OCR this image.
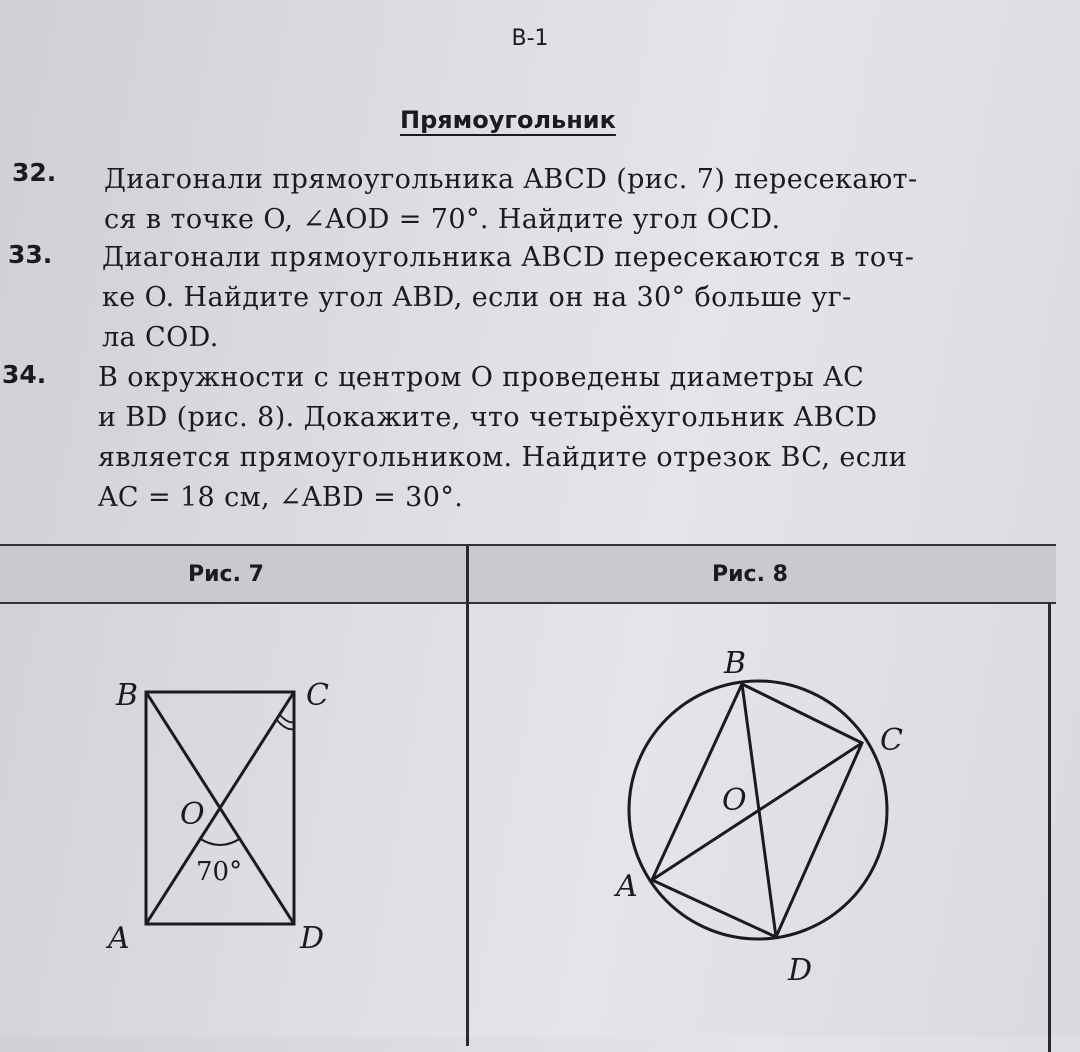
В-1
Прямоугольник
32. Диагонали прямоугольника ABCD (рис. 7) пересекают-
ся в точке O, ∠AOD = 70°. Найдите угол OCD.
33. Диагонали прямоугольника ABCD пересекаются в точ-
ке O. Найдите угол ABD, если он на 30° больше уг-
ла COD.
34. В окружности с центром O проведены диаметры AC
и BD (рис. 8). Докажите, что четырёхугольник ABCD
является прямоугольником. Найдите отрезок BC, если
AC = 18 см, ∠ABD = 30°.
Рис. 7	Рис. 8
B	C
A	D
O
70°
B
C
A
D
O
